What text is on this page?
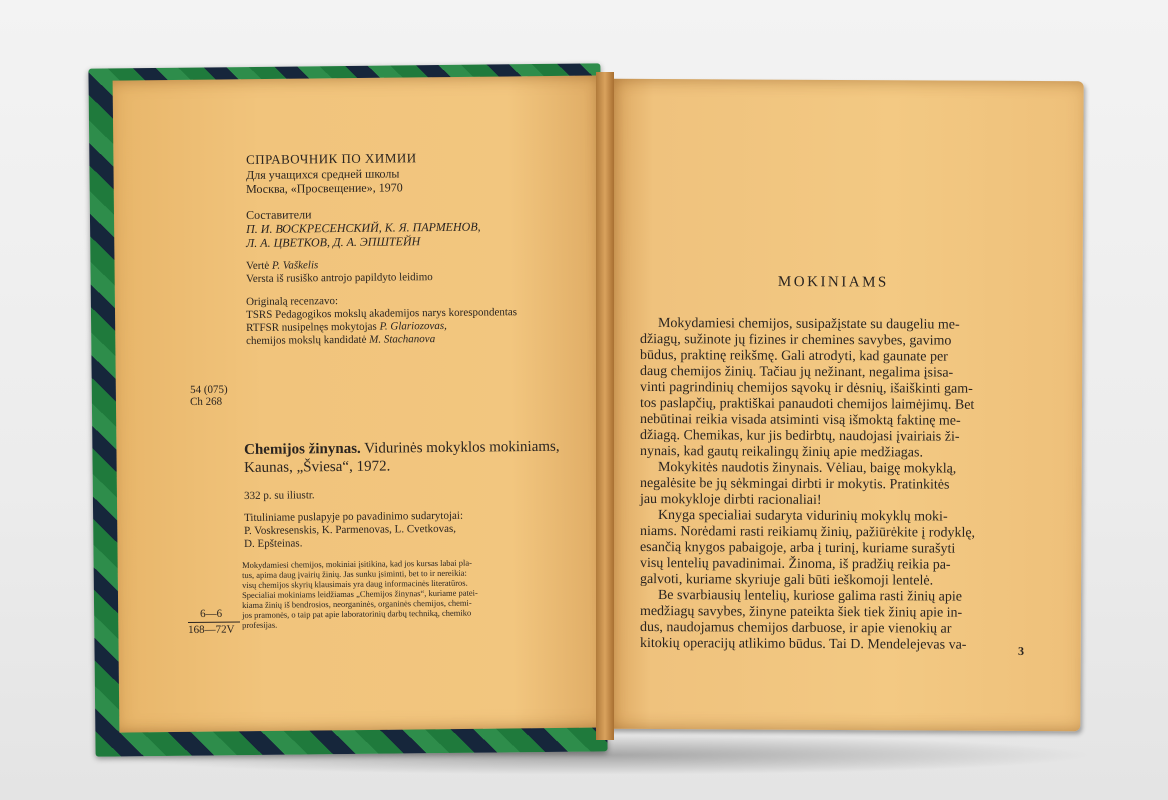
СПРАВОЧНИК ПО ХИМИИ
Для учащихся средней школы
Москва, «Просвещение», 1970
Составители
П. И. ВОСКРЕСЕНСКИЙ, К. Я. ПАРМЕНОВ,
Л. А. ЦВЕТКОВ, Д. А. ЭПШТЕЙН
Vertė P. Vaškelis
Versta iš rusiško antrojo papildyto leidimo
Originalą recenzavo:
TSRS Pedagogikos mokslų akademijos narys korespondentas
RTFSR nusipelnęs mokytojas P. Glariozovas,
chemijos mokslų kandidatė M. Stachanova
54 (075)
Ch 268
Chemijos žinynas. Vidurinės mokyklos mokiniams,
Kaunas, „Šviesa“, 1972.
332 p. su iliustr.
Tituliniame puslapyje po pavadinimo sudarytojai:
P. Voskresenskis, K. Parmenovas, L. Cvetkovas,
D. Epšteinas.
Mokydamiesi chemijos, mokiniai įsitikina, kad jos kursas labai pla-
tus, apima daug įvairių žinių. Jas sunku įsiminti, bet to ir nereikia:
visų chemijos skyrių klausimais yra daug informacinės literatūros.
Specialiai mokiniams leidžiamas „Chemijos žinynas“, kuriame patei-
kiama žinių iš bendrosios, neorganinės, organinės chemijos, chemi-
jos pramonės, o taip pat apie laboratorinių darbų techniką, chemiko
profesijas.
6—6
168—72V
MOKINIAMS
Mokydamiesi chemijos, susipažįstate su daugeliu me-
džiagų, sužinote jų fizines ir chemines savybes, gavimo
būdus, praktinę reikšmę. Gali atrodyti, kad gaunate per
daug chemijos žinių. Tačiau jų nežinant, negalima įsisa-
vinti pagrindinių chemijos sąvokų ir dėsnių, išaiškinti gam-
tos paslapčių, praktiškai panaudoti chemijos laimėjimų. Bet
nebūtinai reikia visada atsiminti visą išmoktą faktinę me-
džiagą. Chemikas, kur jis bedirbtų, naudojasi įvairiais ži-
nynais, kad gautų reikalingų žinių apie medžiagas.
Mokykitės naudotis žinynais. Vėliau, baigę mokyklą,
negalėsite be jų sėkmingai dirbti ir mokytis. Pratinkitės
jau mokykloje dirbti racionaliai!
Knyga specialiai sudaryta vidurinių mokyklų moki-
niams. Norėdami rasti reikiamų žinių, pažiūrėkite į rodyklę,
esančią knygos pabaigoje, arba į turinį, kuriame surašyti
visų lentelių pavadinimai. Žinoma, iš pradžių reikia pa-
galvoti, kuriame skyriuje gali būti ieškomoji lentelė.
Be svarbiausių lentelių, kuriose galima rasti žinių apie
medžiagų savybes, žinyne pateikta šiek tiek žinių apie in-
dus, naudojamus chemijos darbuose, ir apie vienokių ar
kitokių operacijų atlikimo būdus. Tai D. Mendelejevas va-	3
